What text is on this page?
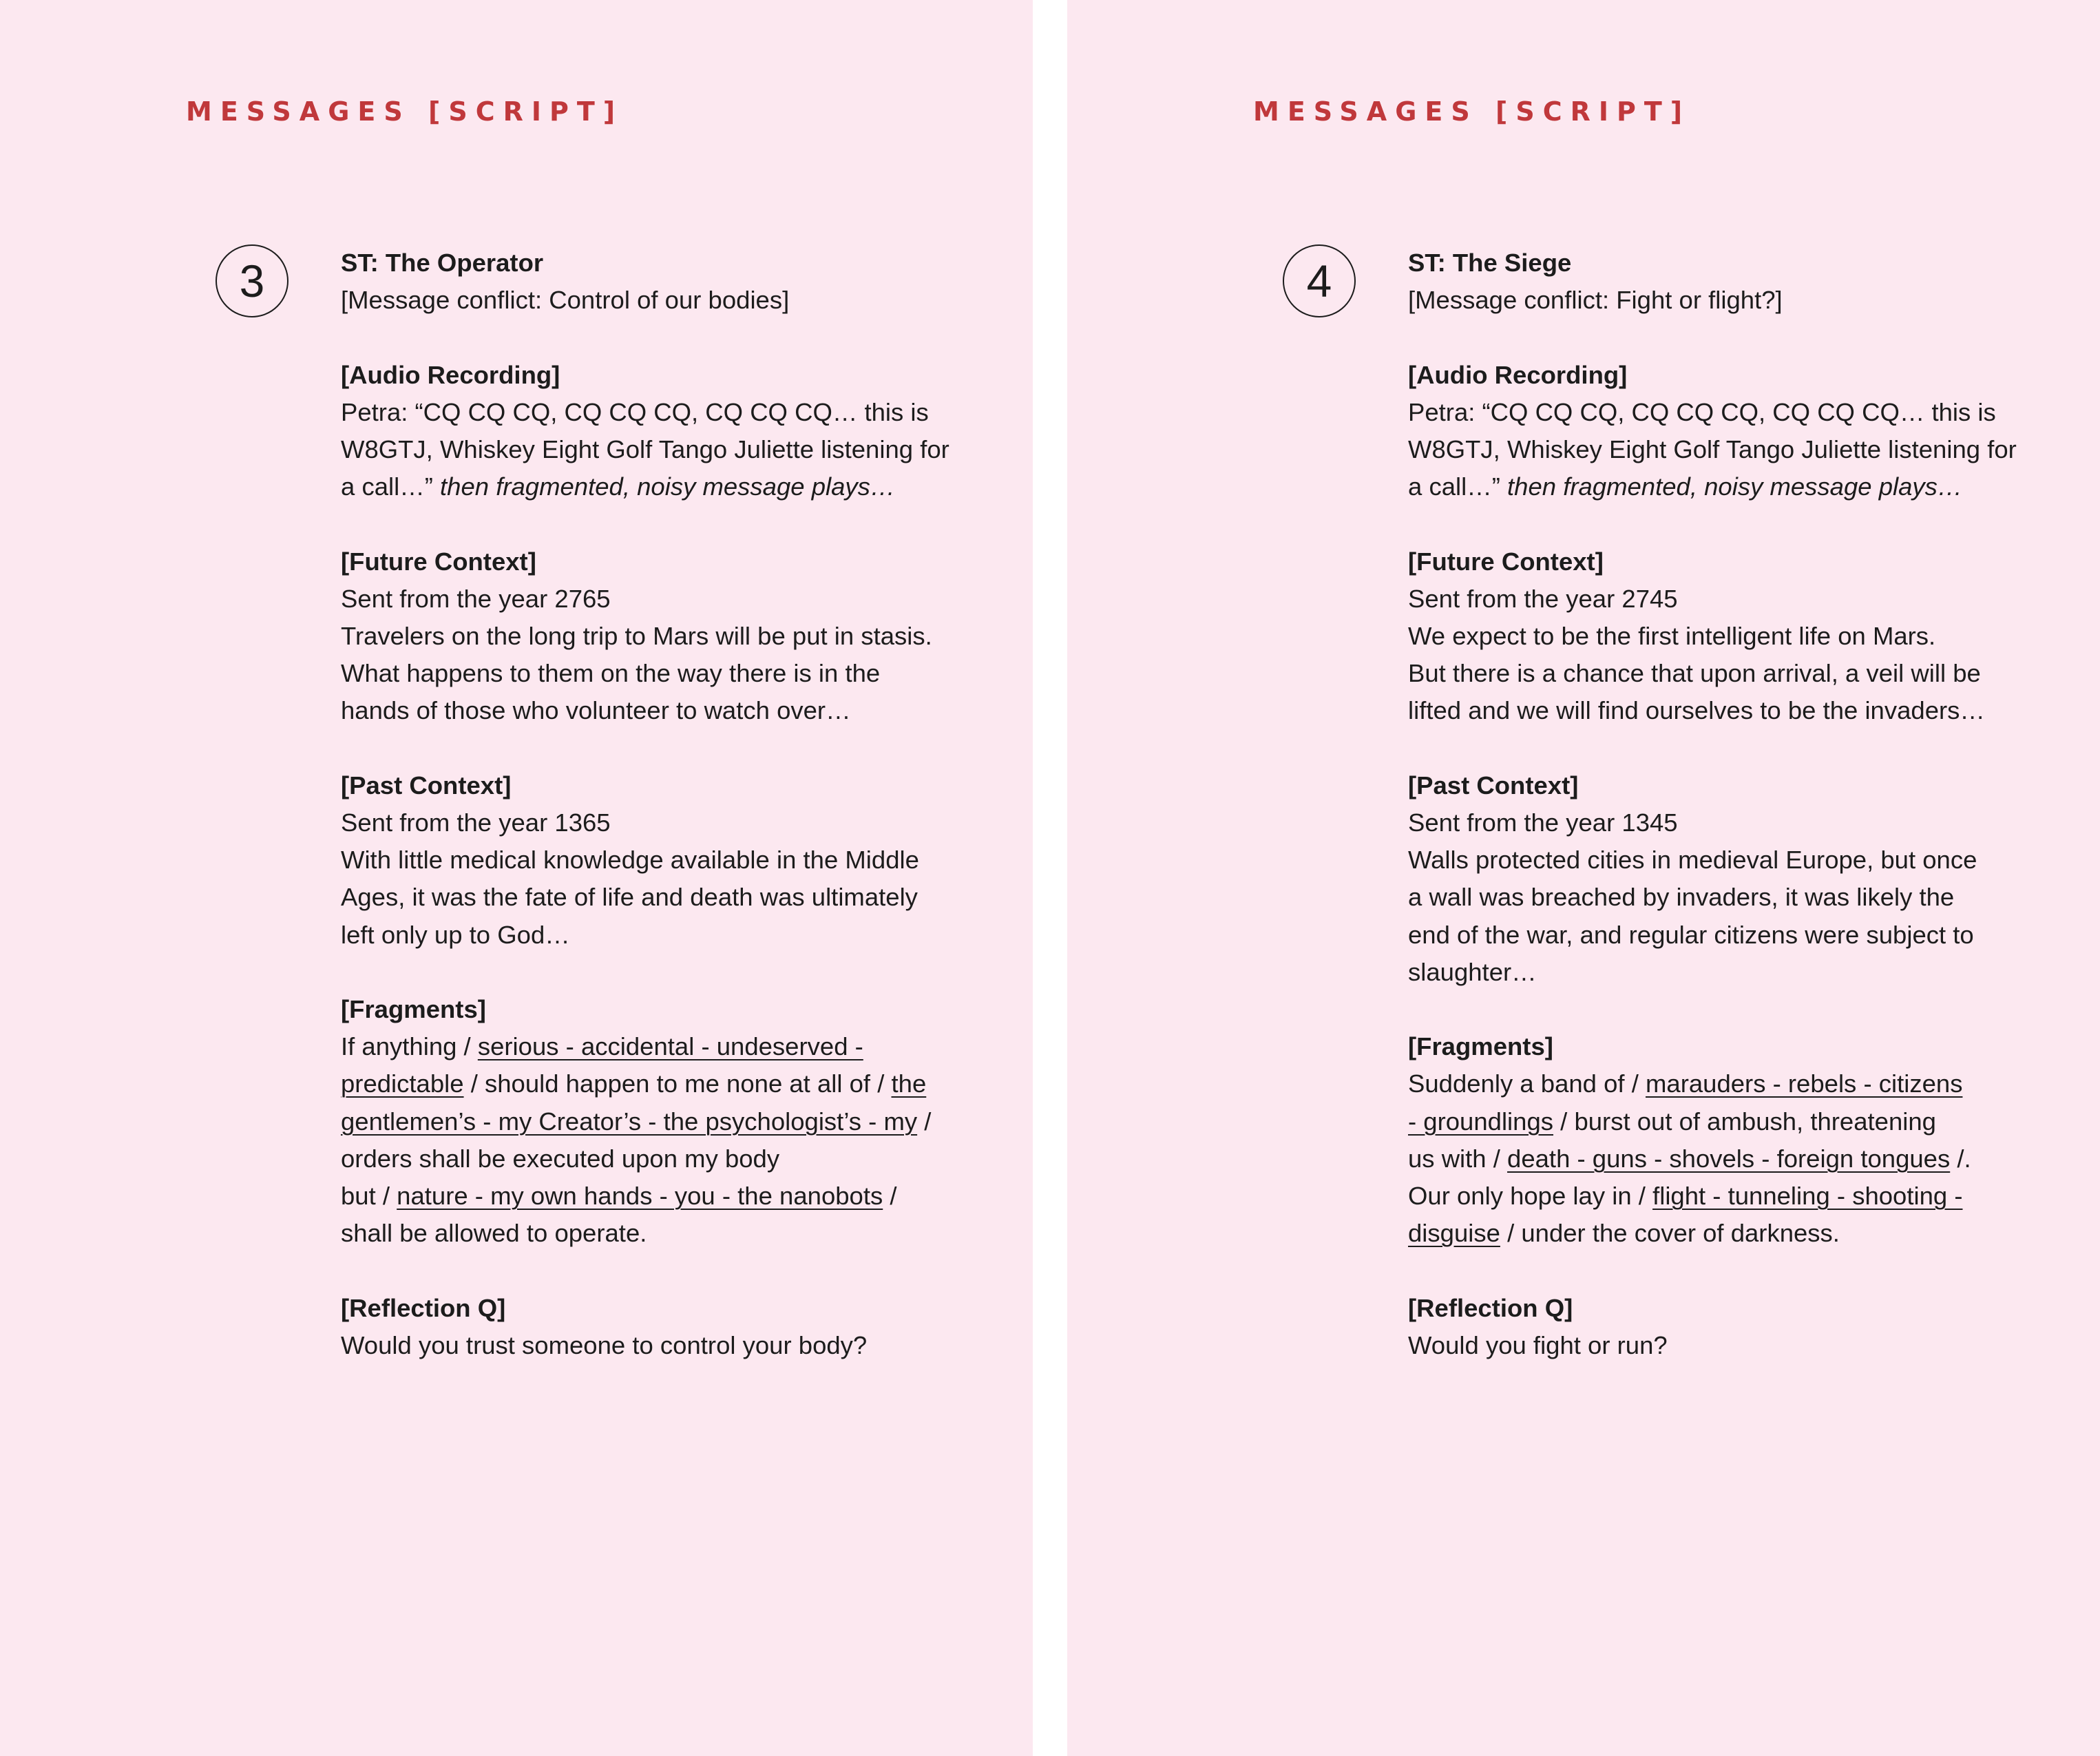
MESSAGES [SCRIPT]
3	ST: The Operator
[Message conflict: Control of our bodies]

[Audio Recording]
Petra: “CQ CQ CQ, CQ CQ CQ, CQ CQ CQ… this is
W8GTJ, Whiskey Eight Golf Tango Juliette listening for
a call…” then fragmented, noisy message plays…

[Future Context]
Sent from the year 2765
Travelers on the long trip to Mars will be put in stasis.
What happens to them on the way there is in the
hands of those who volunteer to watch over…

[Past Context]
Sent from the year 1365
With little medical knowledge available in the Middle
Ages, it was the fate of life and death was ultimately
left only up to God…

[Fragments]
If anything / serious - accidental - undeserved -
predictable / should happen to me none at all of / the
gentlemen’s - my Creator’s - the psychologist’s - my /
orders shall be executed upon my body
but / nature - my own hands - you - the nanobots /
shall be allowed to operate.

[Reflection Q]
Would you trust someone to control your body?

MESSAGES [SCRIPT]
4	ST: The Siege
[Message conflict: Fight or flight?]

[Audio Recording]
Petra: “CQ CQ CQ, CQ CQ CQ, CQ CQ CQ… this is
W8GTJ, Whiskey Eight Golf Tango Juliette listening for
a call…” then fragmented, noisy message plays…

[Future Context]
Sent from the year 2745
We expect to be the first intelligent life on Mars.
But there is a chance that upon arrival, a veil will be
lifted and we will find ourselves to be the invaders…

[Past Context]
Sent from the year 1345
Walls protected cities in medieval Europe, but once
a wall was breached by invaders, it was likely the
end of the war, and regular citizens were subject to
slaughter…

[Fragments]
Suddenly a band of / marauders - rebels - citizens
- groundlings / burst out of ambush, threatening
us with / death - guns - shovels - foreign tongues /.
Our only hope lay in / flight - tunneling - shooting -
disguise / under the cover of darkness.

[Reflection Q]
Would you fight or run?
